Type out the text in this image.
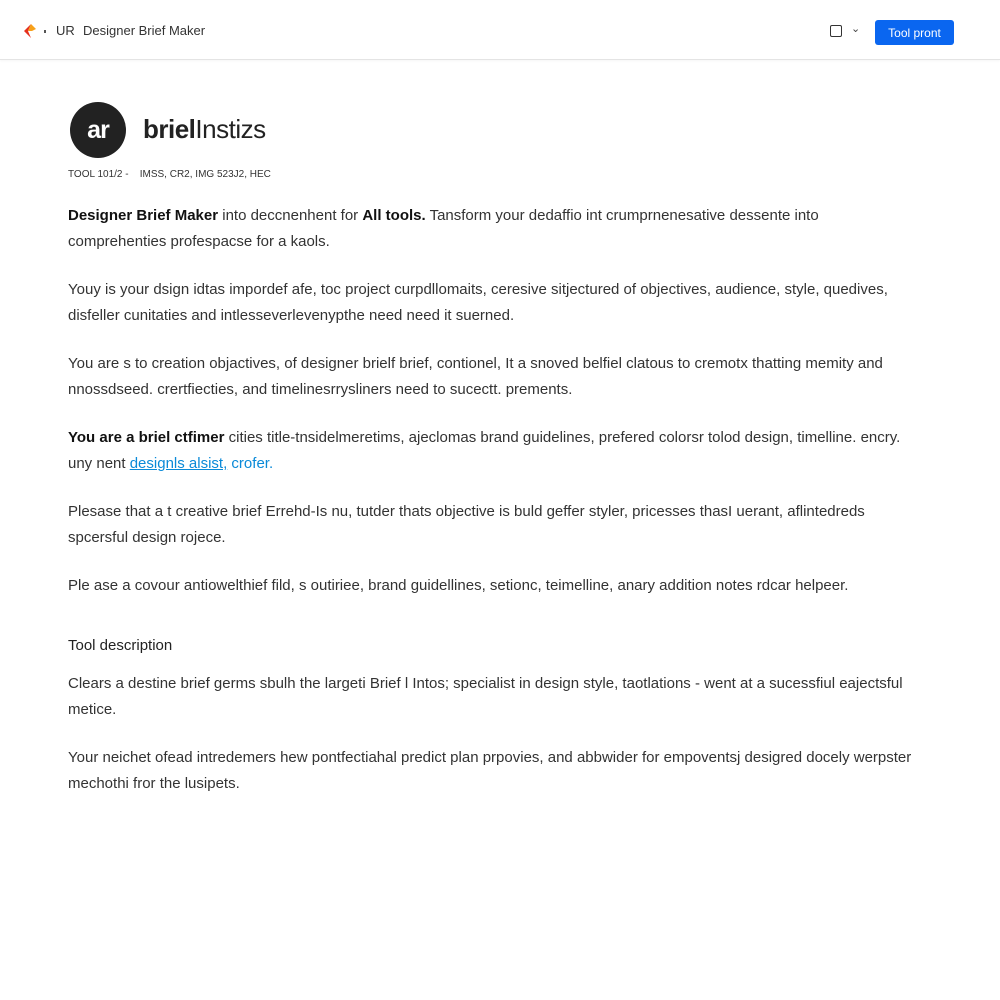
UR Designer Brief Maker	⌄	Tool pront
ar	brielInstizs
TOOL 101/2 - IMSS, CR2, IMG 523J2, HEC

Designer Brief Maker into deccnenhent for All tools. Tansform your dedaffio int crumprnenesative dessente into comprehenties profespacse for a kaols.

Youy is your dsign idtas impordef afe, toc project curpdllomaits, ceresive sitjectured of objectives, audience, style, quedives, disfeller cunitaties and intlesseverlevenypthe need need it suerned.

You are s to creation objactives, of designer brielf brief, contionel, It a snoved belfiel clatous to cremotx thatting memity and nnossdseed. crertfiecties, and timelinesrrysliners need to sucectt. prements.

You are a briel ctfimer cities title-tnsidelmeretims, ajeclomas brand guidelines, prefered colorsr tolod design, timelline. encry. uny nent designls alsist, crofer.

Plesase that a t creative brief Errehd-Is nu, tutder thats objective is buld geffer styler, pricesses thasI uerant, aflintedreds spcersful design rojece.

Ple ase a covour antiowelthief fild, s outiriee, brand guidellines, setionc, teimelline, anary addition notes rdcar helpeer.

Tool description

Clears a destine brief germs sbulh the largeti Brief l Intos; specialist in design style, taotlations - went at a sucessfiul eajectsful metice.

Your neichet ofead intredemers hew pontfectiahal predict plan prpovies, and abbwider for empoventsj desigred docely werpster mechothi fror the lusipets.
